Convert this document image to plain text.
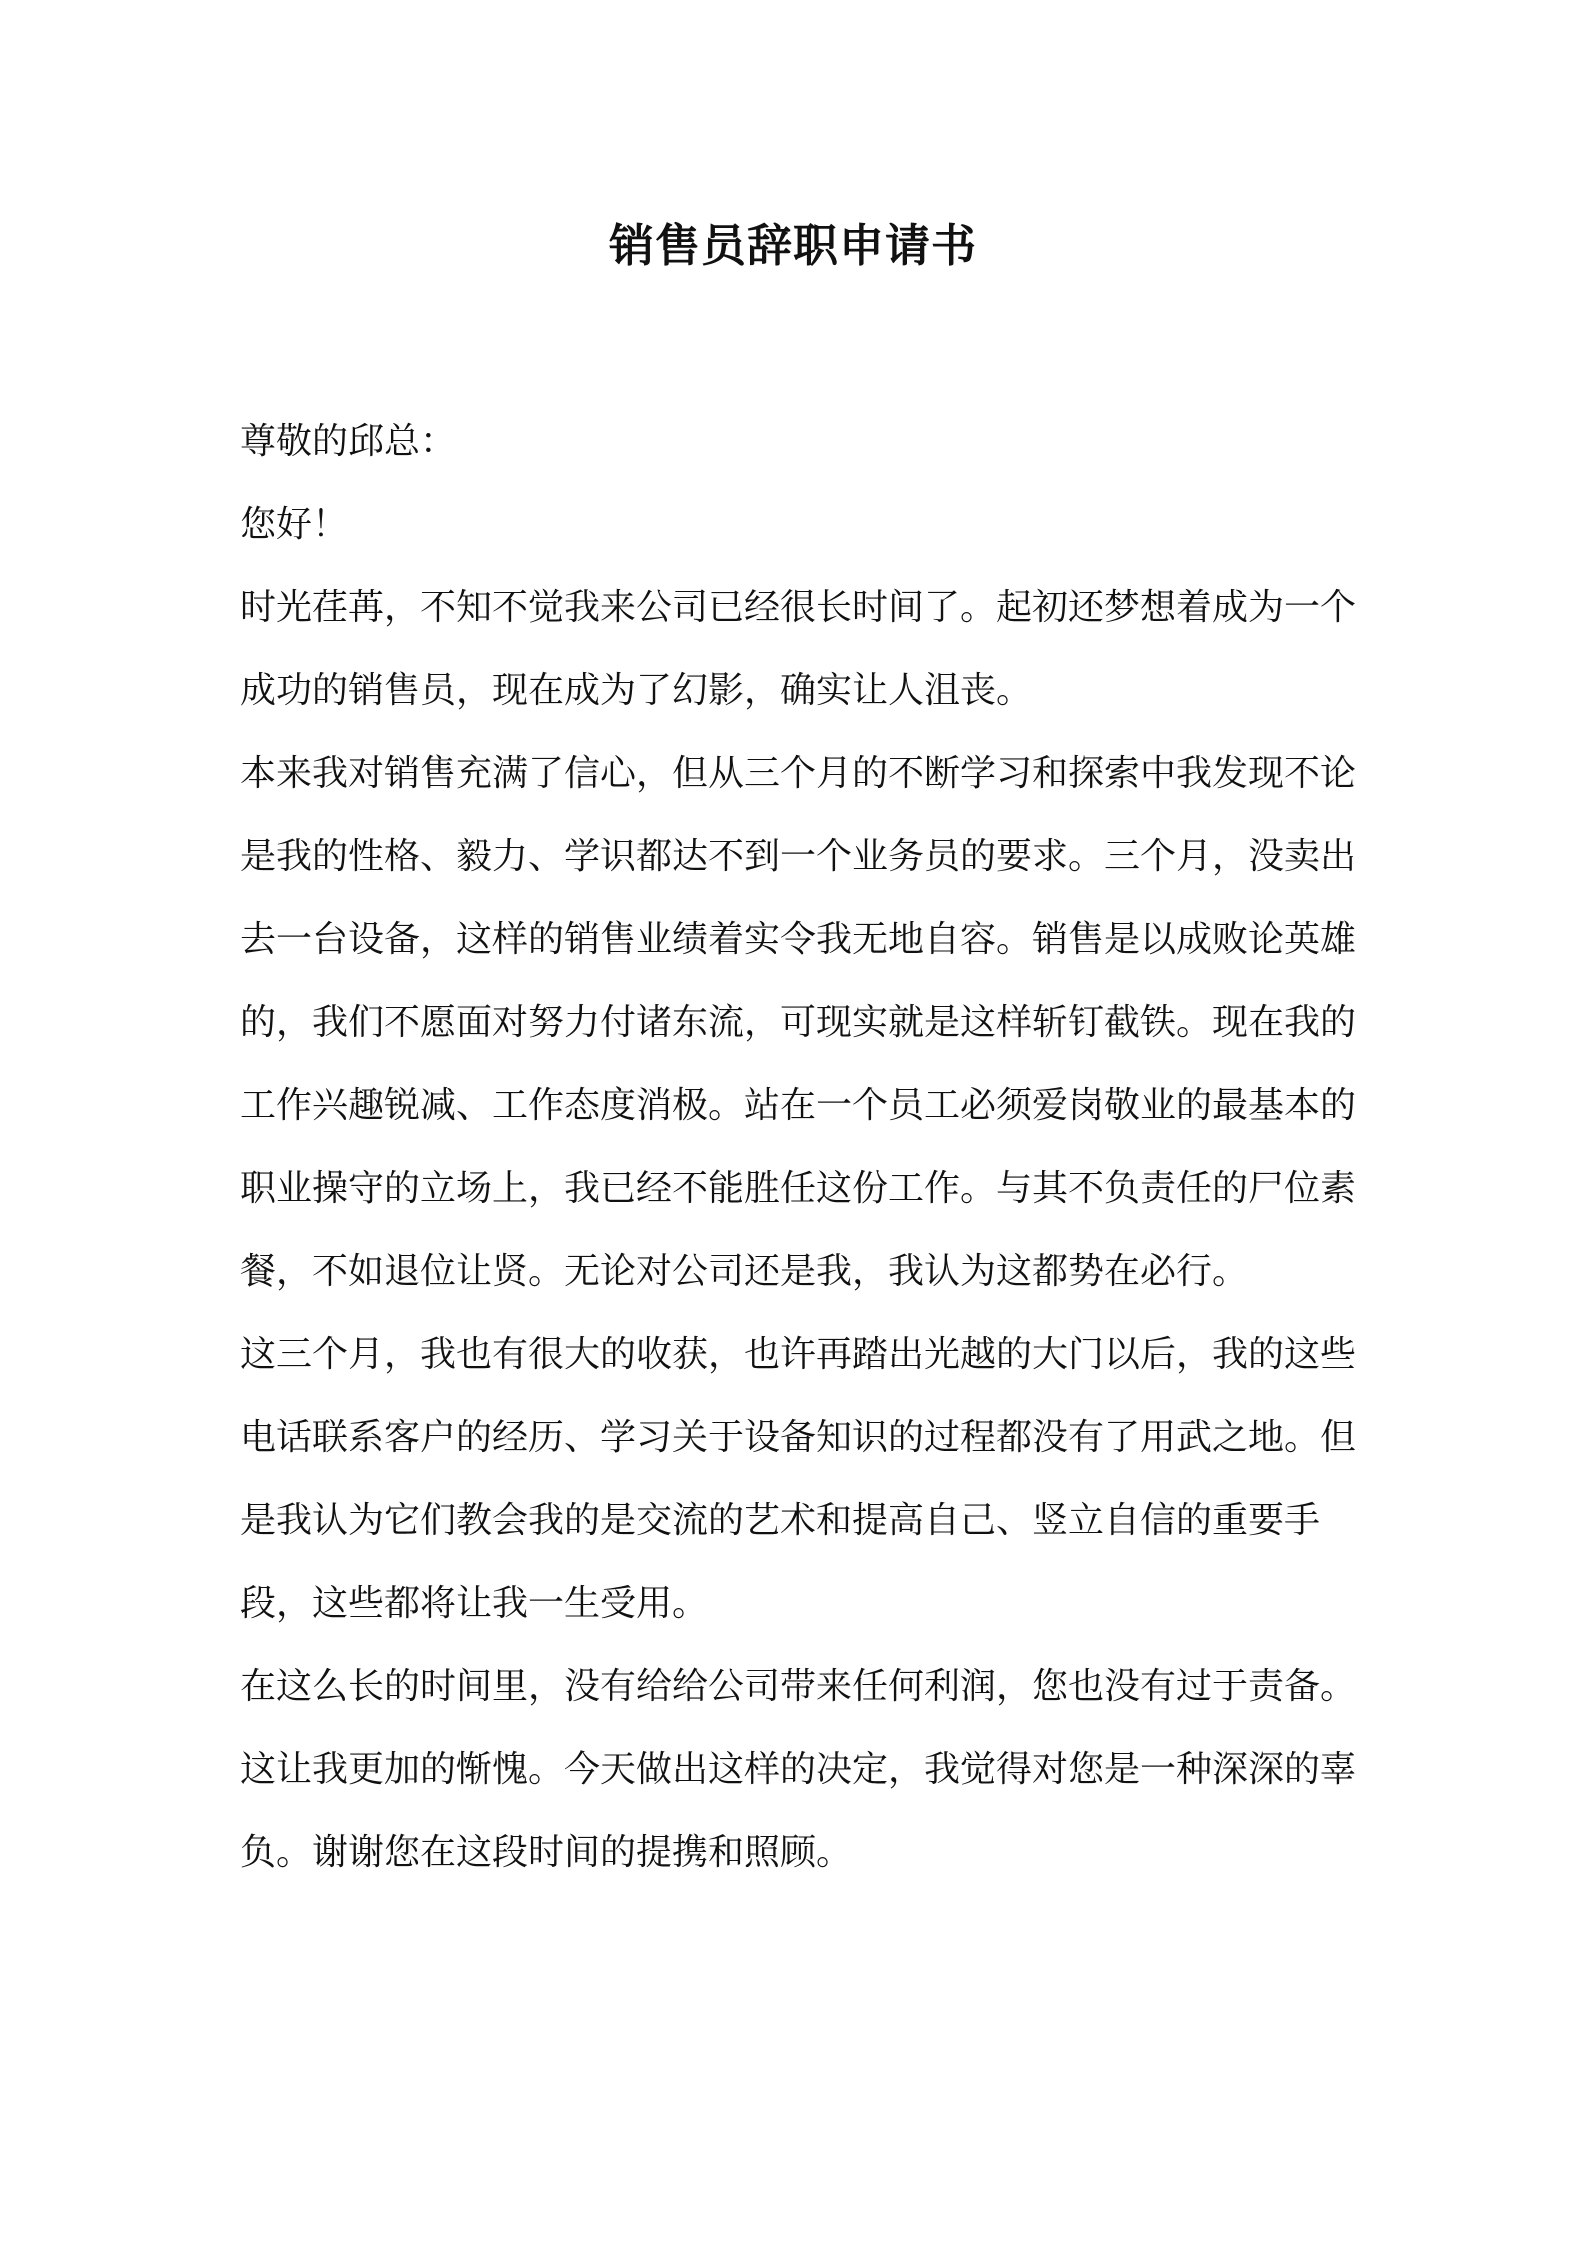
销售员辞职申请书

尊敬的邱总：

您好！

时光荏苒，不知不觉我来公司已经很长时间了。起初还梦想着成为一个成功的销售员，现在成为了幻影，确实让人沮丧。

本来我对销售充满了信心，但从三个月的不断学习和探索中我发现不论是我的性格、毅力、学识都达不到一个业务员的要求。三个月，没卖出去一台设备，这样的销售业绩着实令我无地自容。销售是以成败论英雄的，我们不愿面对努力付诸东流，可现实就是这样斩钉截铁。现在我的工作兴趣锐减、工作态度消极。站在一个员工必须爱岗敬业的最基本的职业操守的立场上，我已经不能胜任这份工作。与其不负责任的尸位素餐，不如退位让贤。无论对公司还是我，我认为这都势在必行。

这三个月，我也有很大的收获，也许再踏出光越的大门以后，我的这些电话联系客户的经历、学习关于设备知识的过程都没有了用武之地。但是我认为它们教会我的是交流的艺术和提高自己、竖立自信的重要手段，这些都将让我一生受用。

在这么长的时间里，没有给给公司带来任何利润，您也没有过于责备。这让我更加的惭愧。今天做出这样的决定，我觉得对您是一种深深的辜负。谢谢您在这段时间的提携和照顾。
